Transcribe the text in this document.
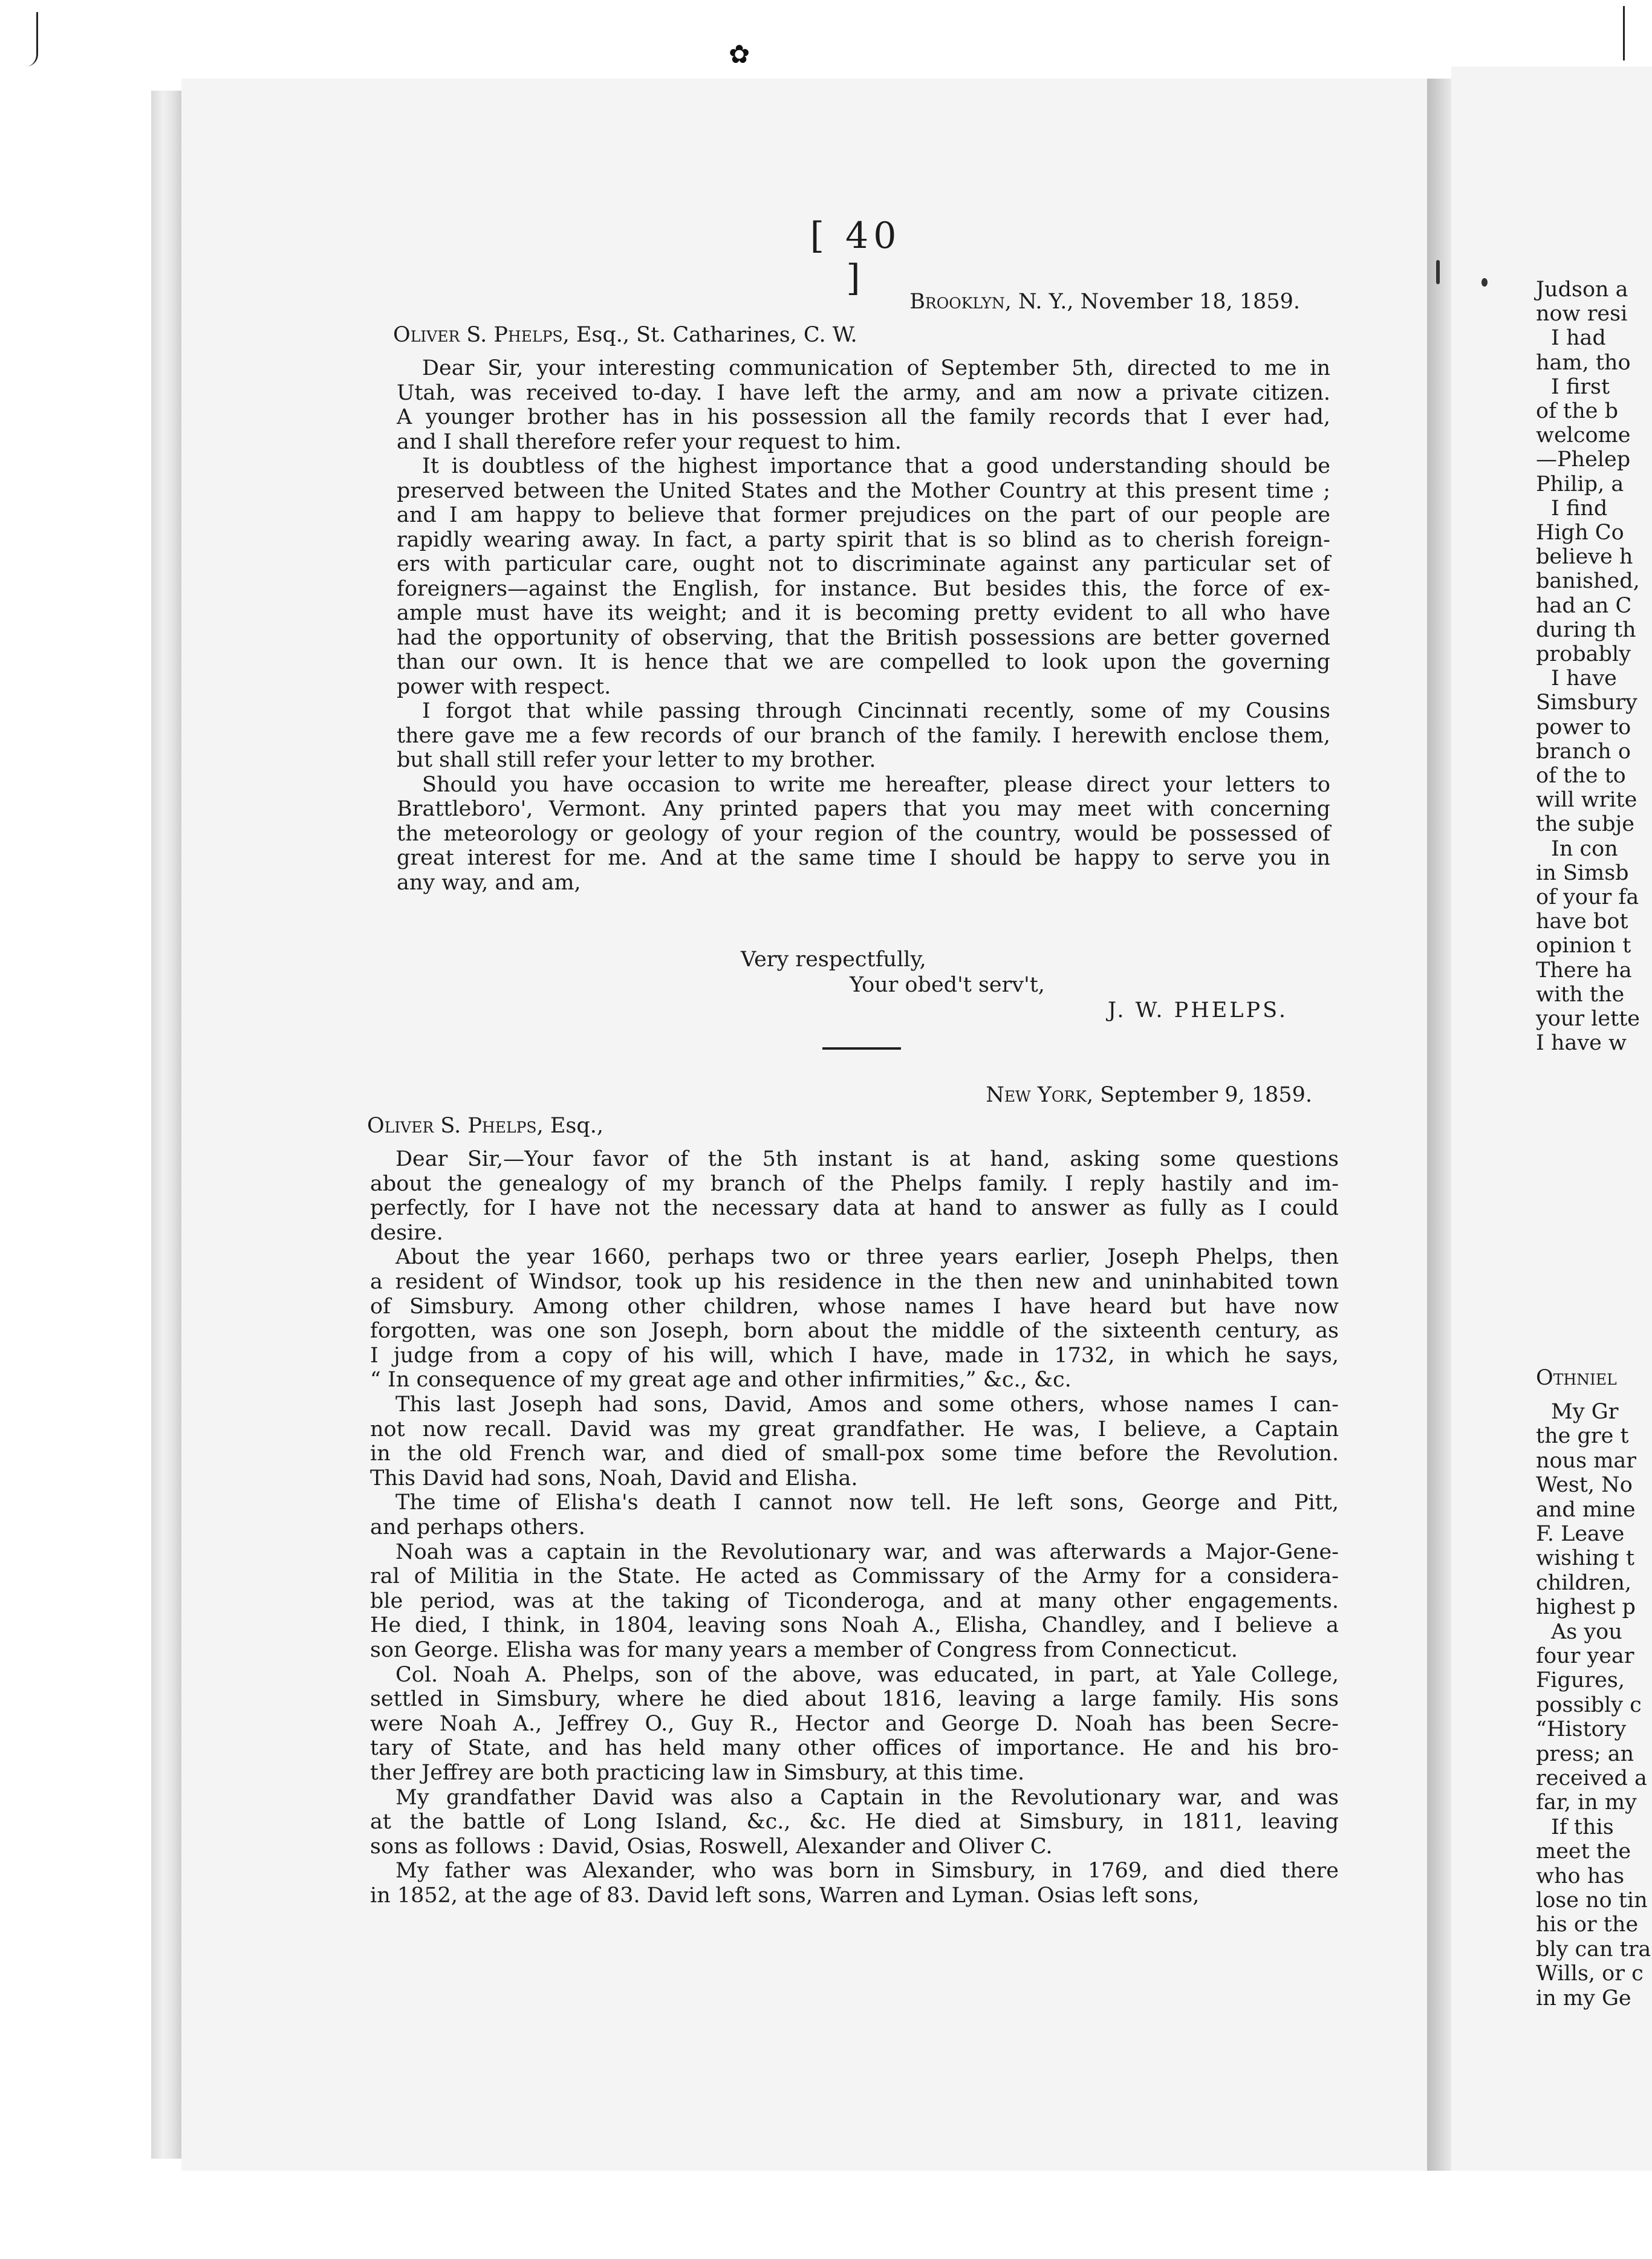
✿
Judson a
now resi
I had
ham, tho
I first
of the b
welcome
—Phelep
Philip, a
I find
High Co
believe h
banished,
had an C
during th
probably
I have
Simsbury
power to
branch o
of the to
will write
the subje
In con
in Simsb
of your fa
have bot
opinion t
There ha
with the
your lette
I have w
Othniel
My Gr
the gre t
nous mar
West, No
and mine
F. Leave
wishing t
children,
highest p
As you
four year
Figures,
possibly c
“History
press; an
received a
far, in my
If this
meet the
who has
lose no tin
his or the
bly can tra
Wills, or c
in my Ge
[ 40 ]
Brooklyn, N. Y., November 18, 1859.
Oliver S. Phelps, Esq., St. Catharines, C. W.
Dear Sir, your interesting communication of September 5th, directed to me in
Utah, was received to-day. I have left the army, and am now a private citizen.
A younger brother has in his possession all the family records that I ever had,
and I shall therefore refer your request to him.
It is doubtless of the highest importance that a good understanding should be
preserved between the United States and the Mother Country at this present time ;
and I am happy to believe that former prejudices on the part of our people are
rapidly wearing away. In fact, a party spirit that is so blind as to cherish foreign-
ers with particular care, ought not to discriminate against any particular set of
foreigners—against the English, for instance. But besides this, the force of ex-
ample must have its weight; and it is becoming pretty evident to all who have
had the opportunity of observing, that the British possessions are better governed
than our own. It is hence that we are compelled to look upon the governing
power with respect.
I forgot that while passing through Cincinnati recently, some of my Cousins
there gave me a few records of our branch of the family. I herewith enclose them,
but shall still refer your letter to my brother.
Should you have occasion to write me hereafter, please direct your letters to
Brattleboro', Vermont. Any printed papers that you may meet with concerning
the meteorology or geology of your region of the country, would be possessed of
great interest for me. And at the same time I should be happy to serve you in
any way, and am,
Very respectfully,
Your obed't serv't,
J. W. PHELPS.
New York, September 9, 1859.
Oliver S. Phelps, Esq.,
Dear Sir,—Your favor of the 5th instant is at hand, asking some questions
about the genealogy of my branch of the Phelps family. I reply hastily and im-
perfectly, for I have not the necessary data at hand to answer as fully as I could
desire.
About the year 1660, perhaps two or three years earlier, Joseph Phelps, then
a resident of Windsor, took up his residence in the then new and uninhabited town
of Simsbury. Among other children, whose names I have heard but have now
forgotten, was one son Joseph, born about the middle of the sixteenth century, as
I judge from a copy of his will, which I have, made in 1732, in which he says,
“ In consequence of my great age and other infirmities,” &c., &c.
This last Joseph had sons, David, Amos and some others, whose names I can-
not now recall. David was my great grandfather. He was, I believe, a Captain
in the old French war, and died of small-pox some time before the Revolution.
This David had sons, Noah, David and Elisha.
The time of Elisha's death I cannot now tell. He left sons, George and Pitt,
and perhaps others.
Noah was a captain in the Revolutionary war, and was afterwards a Major-Gene-
ral of Militia in the State. He acted as Commissary of the Army for a considera-
ble period, was at the taking of Ticonderoga, and at many other engagements.
He died, I think, in 1804, leaving sons Noah A., Elisha, Chandley, and I believe a
son George. Elisha was for many years a member of Congress from Connecticut.
Col. Noah A. Phelps, son of the above, was educated, in part, at Yale College,
settled in Simsbury, where he died about 1816, leaving a large family. His sons
were Noah A., Jeffrey O., Guy R., Hector and George D. Noah has been Secre-
tary of State, and has held many other offices of importance. He and his bro-
ther Jeffrey are both practicing law in Simsbury, at this time.
My grandfather David was also a Captain in the Revolutionary war, and was
at the battle of Long Island, &c., &c. He died at Simsbury, in 1811, leaving
sons as follows : David, Osias, Roswell, Alexander and Oliver C.
My father was Alexander, who was born in Simsbury, in 1769, and died there
in 1852, at the age of 83. David left sons, Warren and Lyman. Osias left sons,
